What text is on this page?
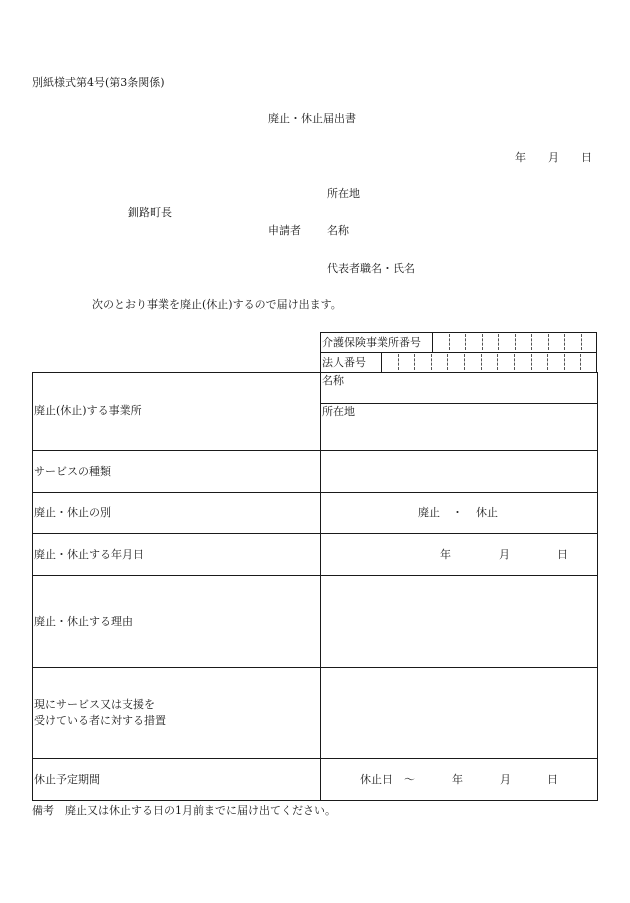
別紙様式第4号(第3条関係)
廃止・休止届出書
年　　月　　日
所在地
釧路町長
申請者 名称
代表者職名・氏名
次のとおり事業を廃止(休止)するので届け出ます。
介護保険事業所番号
法人番号
廃止(休止)する事業所
名称
所在地
サービスの種類
廃止・休止の別	廃止 ・ 休止
廃止・休止する年月日	年	月	日
廃止・休止する理由
現にサービス又は支援を
受けている者に対する措置
休止予定期間	休止日　〜	年	月	日
備考　廃止又は休止する日の1月前までに届け出てください。
